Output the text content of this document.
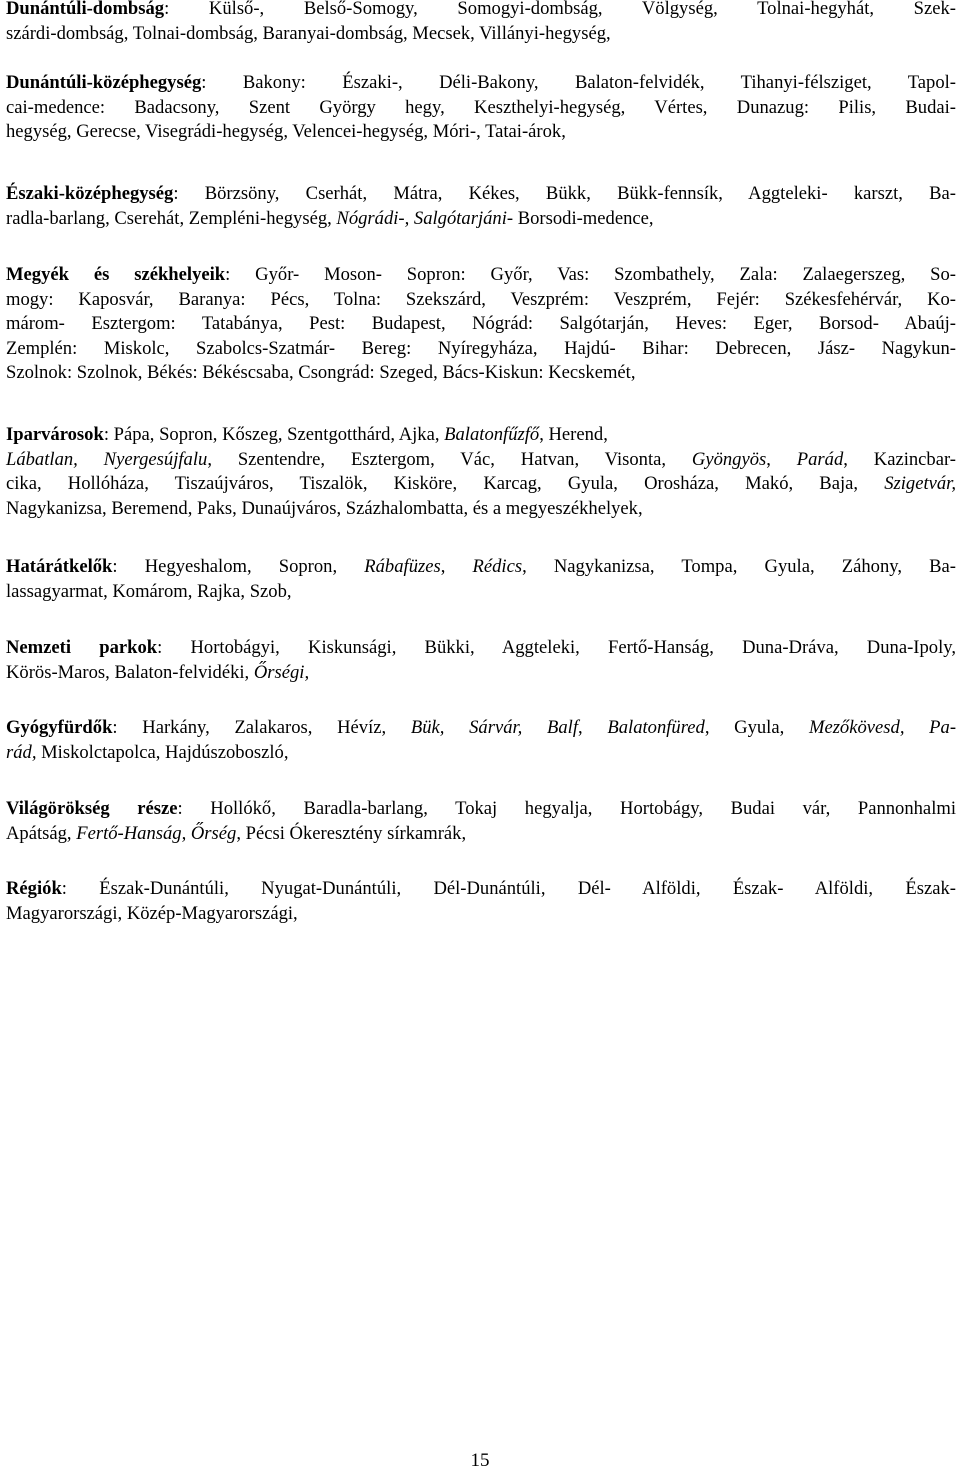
Dunántúli-dombság: Külső-, Belső-Somogy, Somogyi-dombság, Völgység, Tolnai-hegyhát, Szek-
szárdi-dombság, Tolnai-dombság, Baranyai-dombság, Mecsek, Villányi-hegység,
Dunántúli-középhegység: Bakony: Északi-, Déli-Bakony, Balaton-felvidék, Tihanyi-félsziget, Tapol-
cai-medence: Badacsony, Szent György hegy, Keszthelyi-hegység, Vértes, Dunazug: Pilis, Budai-
hegység, Gerecse, Visegrádi-hegység, Velencei-hegység, Móri-, Tatai-árok,
Északi-középhegység: Börzsöny, Cserhát, Mátra, Kékes, Bükk, Bükk-fennsík, Aggteleki- karszt, Ba-
radla-barlang, Cserehát, Zempléni-hegység, Nógrádi-, Salgótarjáni- Borsodi-medence,
Megyék és székhelyeik: Győr- Moson- Sopron: Győr, Vas: Szombathely, Zala: Zalaegerszeg, So-
mogy: Kaposvár, Baranya: Pécs, Tolna: Szekszárd, Veszprém: Veszprém, Fejér: Székesfehérvár, Ko-
márom- Esztergom: Tatabánya, Pest: Budapest, Nógrád: Salgótarján, Heves: Eger, Borsod- Abaúj-
Zemplén: Miskolc, Szabolcs-Szatmár- Bereg: Nyíregyháza, Hajdú- Bihar: Debrecen, Jász- Nagykun-
Szolnok: Szolnok, Békés: Békéscsaba, Csongrád: Szeged, Bács-Kiskun: Kecskemét,
Iparvárosok: Pápa, Sopron, Kőszeg, Szentgotthárd, Ajka, Balatonfűzfő, Herend,
Lábatlan, Nyergesújfalu, Szentendre, Esztergom, Vác, Hatvan, Visonta, Gyöngyös, Parád, Kazincbar-
cika, Hollóháza, Tiszaújváros, Tiszalök, Kisköre, Karcag, Gyula, Orosháza, Makó, Baja, Szigetvár,
Nagykanizsa, Beremend, Paks, Dunaújváros, Százhalombatta, és a megyeszékhelyek,
Határátkelők: Hegyeshalom, Sopron, Rábafüzes, Rédics, Nagykanizsa, Tompa, Gyula, Záhony, Ba-
lassagyarmat, Komárom, Rajka, Szob,
Nemzeti parkok: Hortobágyi, Kiskunsági, Bükki, Aggteleki, Fertő-Hanság, Duna-Dráva, Duna-Ipoly,
Körös-Maros, Balaton-felvidéki, Őrségi,
Gyógyfürdők: Harkány, Zalakaros, Hévíz, Bük, Sárvár, Balf, Balatonfüred, Gyula, Mezőkövesd, Pa-
rád, Miskolctapolca, Hajdúszoboszló,
Világörökség része: Hollókő, Baradla-barlang, Tokaj hegyalja, Hortobágy, Budai vár, Pannonhalmi
Apátság, Fertő-Hanság, Őrség, Pécsi Ókeresztény sírkamrák,
Régiók: Észak-Dunántúli, Nyugat-Dunántúli, Dél-Dunántúli, Dél- Alföldi, Észak- Alföldi, Észak-
Magyarországi, Közép-Magyarországi,
15
